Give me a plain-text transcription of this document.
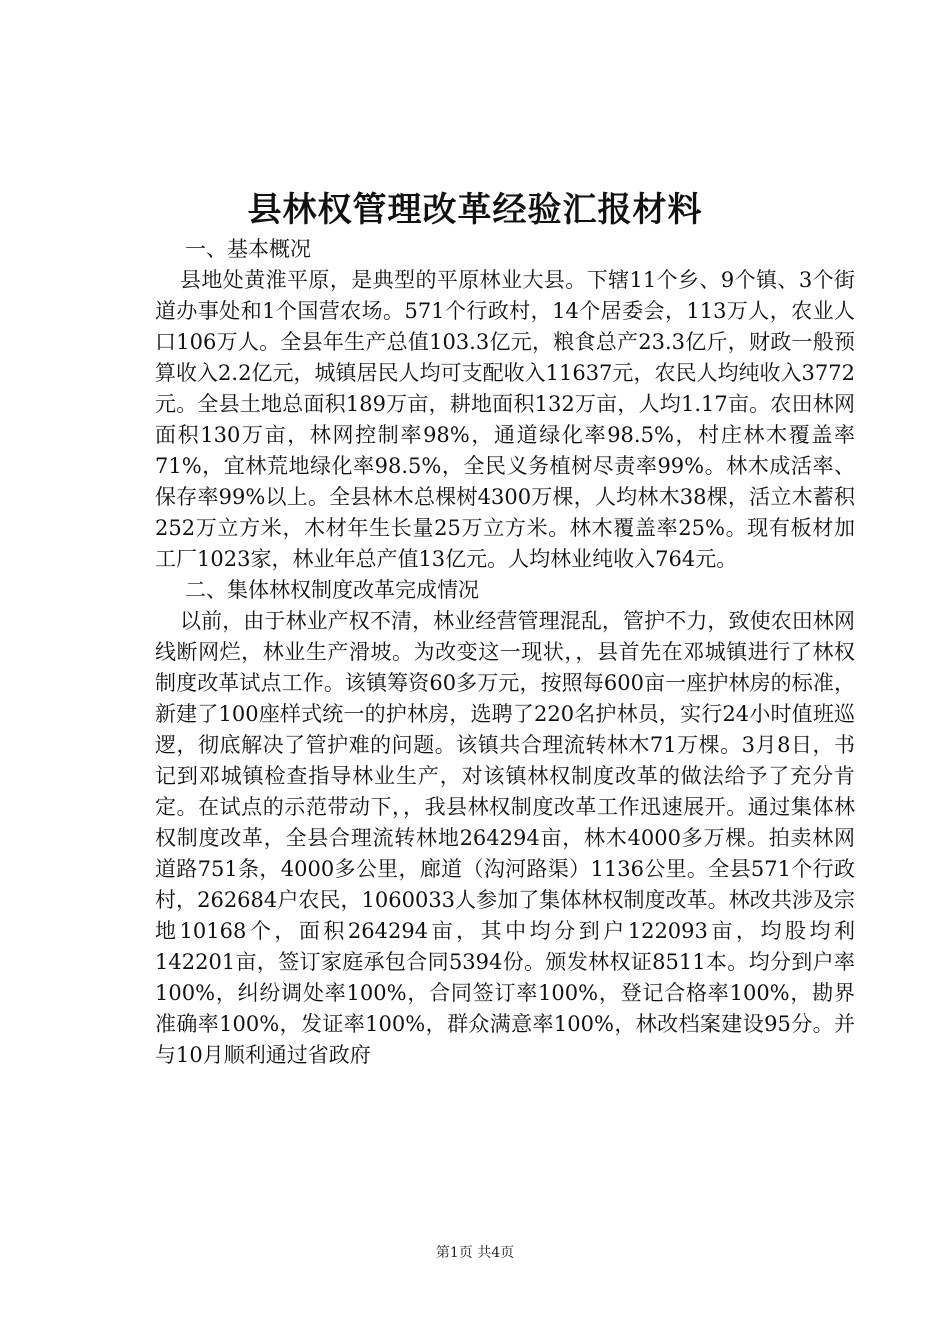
县林权管理改革经验汇报材料
一、基本概况

县地处黄淮平原，是典型的平原林业大县。下辖11个乡、9个镇、3个街道办事处和1个国营农场。571个行政村，14个居委会，113万人，农业人口106万人。全县年生产总值103.3亿元，粮食总产23.3亿斤，财政一般预算收入2.2亿元，城镇居民人均可支配收入11637元，农民人均纯收入3772元。全县土地总面积189万亩，耕地面积132万亩，人均1.17亩。农田林网面积130万亩，林网控制率98%，通道绿化率98.5%，村庄林木覆盖率71%，宜林荒地绿化率98.5%，全民义务植树尽责率99%。林木成活率、保存率99%以上。全县林木总棵树4300万棵，人均林木38棵，活立木蓄积252万立方米，木材年生长量25万立方米。林木覆盖率25%。现有板材加工厂1023家，林业年总产值13亿元。人均林业纯收入764元。

二、集体林权制度改革完成情况

以前，由于林业产权不清，林业经营管理混乱，管护不力，致使农田林网线断网烂，林业生产滑坡。为改变这一现状，，县首先在邓城镇进行了林权制度改革试点工作。该镇筹资60多万元，按照每600亩一座护林房的标准，新建了100座样式统一的护林房，选聘了220名护林员，实行24小时值班巡逻，彻底解决了管护难的问题。该镇共合理流转林木71万棵。3月8日，书记到邓城镇检查指导林业生产，对该镇林权制度改革的做法给予了充分肯定。在试点的示范带动下，，我县林权制度改革工作迅速展开。通过集体林权制度改革，全县合理流转林地264294亩，林木4000多万棵。拍卖林网道路751条，4000多公里，廊道（沟河路渠）1136公里。全县571个行政村，262684户农民，1060033人参加了集体林权制度改革。林改共涉及宗地10168个，面积264294亩，其中均分到户122093亩，均股均利142201亩，签订家庭承包合同5394份。颁发林权证8511本。均分到户率100%，纠纷调处率100%，合同签订率100%，登记合格率100%，勘界准确率100%，发证率100%，群众满意率100%，林改档案建设95分。并与10月顺利通过省政府

第1页 共4页
